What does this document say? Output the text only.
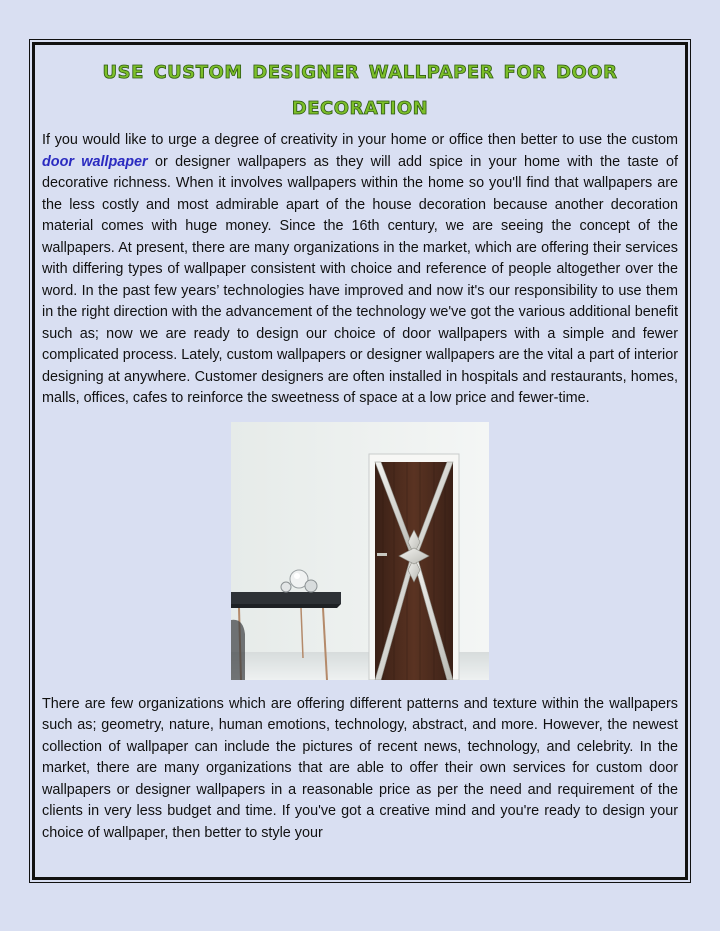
use custom designer wallpaper for door decoration

If you would like to urge a degree of creativity in your home or office then better to use the custom door wallpaper or designer wallpapers as they will add spice in your home with the taste of decorative richness. When it involves wallpapers within the home so you'll find that wallpapers are the less costly and most admirable apart of the house decoration because another decoration material comes with huge money. Since the 16th century, we are seeing the concept of the wallpapers. At present, there are many organizations in the market, which are offering their services with differing types of wallpaper consistent with choice and reference of people altogether over the word. In the past few years’ technologies have improved and now it's our responsibility to use them in the right direction with the advancement of the technology we've got the various additional benefit such as; now we are ready to design our choice of door wallpapers with a simple and fewer complicated process. Lately, custom wallpapers or designer wallpapers are the vital a part of interior designing at anywhere. Customer designers are often installed in hospitals and restaurants, homes, malls, offices, cafes to reinforce the sweetness of space at a low price and fewer-time.

There are few organizations which are offering different patterns and texture within the wallpapers such as; geometry, nature, human emotions, technology, abstract, and more. However, the newest collection of wallpaper can include the pictures of recent news, technology, and celebrity. In the market, there are many organizations that are able to offer their own services for custom door wallpapers or designer wallpapers in a reasonable price as per the need and requirement of the clients in very less budget and time. If you've got a creative mind and you're ready to design your choice of wallpaper, then better to style your
